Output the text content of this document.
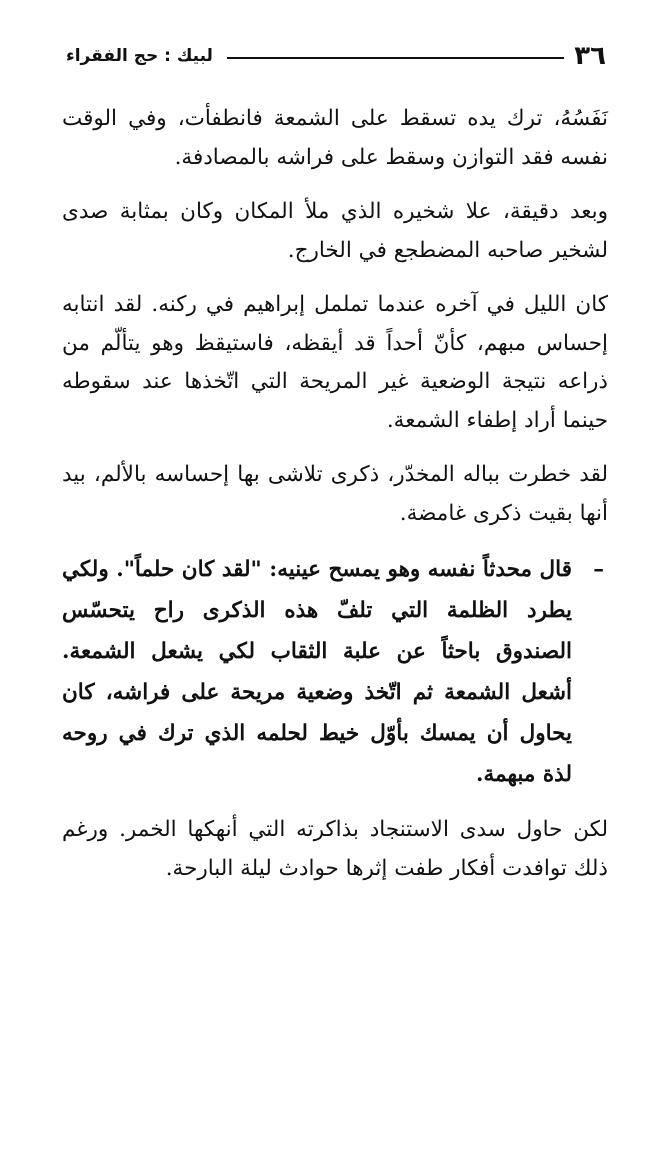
٣٦
لبيك : حج الفقراء

نَفَسُهُ، ترك يده تسقط على الشمعة فانطفأت، وفي الوقت نفسه فقد التوازن وسقط على فراشه بالمصادفة.

وبعد دقيقة، علا شخيره الذي ملأ المكان وكان بمثابة صدى لشخير صاحبه المضطجع في الخارج.

كان الليل في آخره عندما تململ إبراهيم في ركنه. لقد انتابه إحساس مبهم، كأنّ أحداً قد أيقظه، فاستيقظ وهو يتألّم من ذراعه نتيجة الوضعية غير المريحة التي اتّخذها عند سقوطه حينما أراد إطفاء الشمعة.

لقد خطرت بباله المخدّر، ذكرى تلاشى بها إحساسه بالألم، بيد أنها بقيت ذكرى غامضة.

–
قال محدثاً نفسه وهو يمسح عينيه: "لقد كان حلماً". ولكي يطرد الظلمة التي تلفّ هذه الذكرى راح يتحسّس الصندوق باحثاً عن علبة الثقاب لكي يشعل الشمعة. أشعل الشمعة ثم اتّخذ وضعية مريحة على فراشه، كان يحاول أن يمسك بأوّل خيط لحلمه الذي ترك في روحه لذة مبهمة.

لكن حاول سدى الاستنجاد بذاكرته التي أنهكها الخمر. ورغم ذلك توافدت أفكار طفت إثرها حوادث ليلة البارحة.
